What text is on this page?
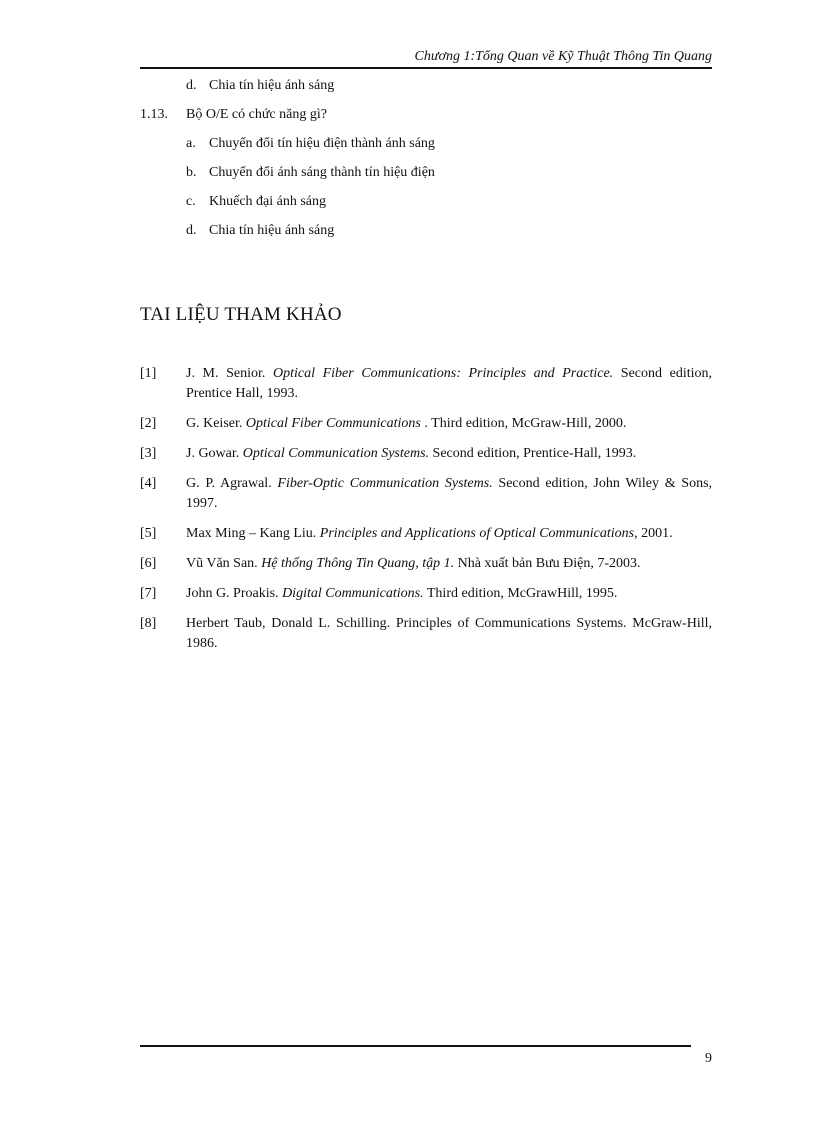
Chương 1:Tổng Quan về Kỹ Thuật Thông Tin Quang
d. Chia tín hiệu ánh sáng
1.13. Bộ O/E có chức năng gì?
a. Chuyển đổi tín hiệu điện thành ánh sáng
b. Chuyển đổi ánh sáng thành tín hiệu điện
c. Khuếch đại ánh sáng
d. Chia tín hiệu ánh sáng
TAI LIỆU THAM KHẢO
[1]	J. M. Senior. Optical Fiber Communications: Principles and Practice. Second edition, Prentice Hall, 1993.
[2]	G. Keiser. Optical Fiber Communications . Third edition, McGraw-Hill, 2000.
[3]	J. Gowar. Optical Communication Systems. Second edition, Prentice-Hall, 1993.
[4]	G. P. Agrawal. Fiber-Optic Communication Systems. Second edition, John Wiley & Sons, 1997.
[5]	Max Ming – Kang Liu. Principles and Applications of Optical Communications, 2001.
[6]	Vũ Văn San. Hệ thống Thông Tin Quang, tập 1. Nhà xuất bản Bưu Điện, 7-2003.
[7]	John G. Proakis. Digital Communications. Third edition, McGrawHill, 1995.
[8]	Herbert Taub, Donald L. Schilling. Principles of Communications Systems. McGraw-Hill, 1986.
9
